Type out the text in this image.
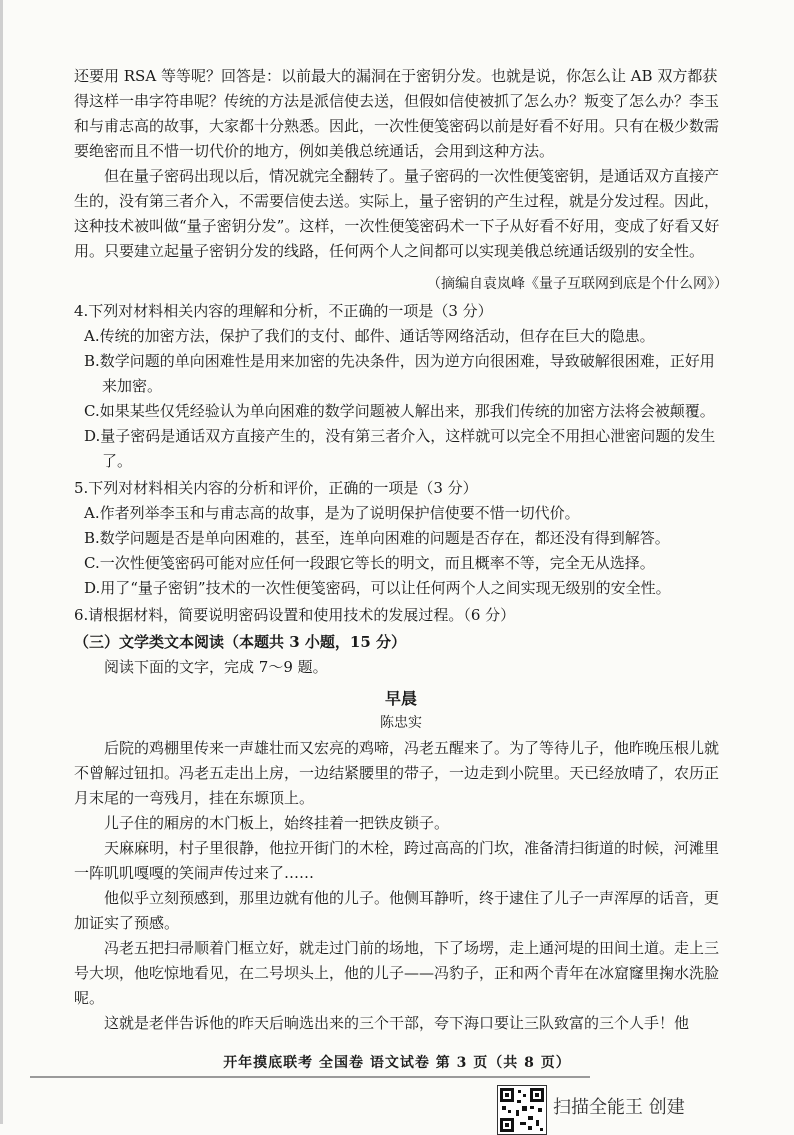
还要用 RSA 等等呢？回答是：以前最大的漏洞在于密钥分发。也就是说，你怎么让 AB 双方都获得这样一串字符串呢？传统的方法是派信使去送，但假如信使被抓了怎么办？叛变了怎么办？李玉和与甫志高的故事，大家都十分熟悉。因此，一次性便笺密码以前是好看不好用。只有在极少数需要绝密而且不惜一切代价的地方，例如美俄总统通话，会用到这种方法。

但在量子密码出现以后，情况就完全翻转了。量子密码的一次性便笺密钥，是通话双方直接产生的，没有第三者介入，不需要信使去送。实际上，量子密钥的产生过程，就是分发过程。因此，这种技术被叫做“量子密钥分发”。这样，一次性便笺密码术一下子从好看不好用，变成了好看又好用。只要建立起量子密钥分发的线路，任何两个人之间都可以实现美俄总统通话级别的安全性。

（摘编自袁岚峰《量子互联网到底是个什么网》）

4.下列对材料相关内容的理解和分析，不正确的一项是（3 分）

A.传统的加密方法，保护了我们的支付、邮件、通话等网络活动，但存在巨大的隐患。

B.数学问题的单向困难性是用来加密的先决条件，因为逆方向很困难，导致破解很困难，正好用来加密。

C.如果某些仅凭经验认为单向困难的数学问题被人解出来，那我们传统的加密方法将会被颠覆。

D.量子密码是通话双方直接产生的，没有第三者介入，这样就可以完全不用担心泄密问题的发生了。

5.下列对材料相关内容的分析和评价，正确的一项是（3 分）

A.作者列举李玉和与甫志高的故事，是为了说明保护信使要不惜一切代价。

B.数学问题是否是单向困难的，甚至，连单向困难的问题是否存在，都还没有得到解答。

C.一次性便笺密码可能对应任何一段跟它等长的明文，而且概率不等，完全无从选择。

D.用了“量子密钥”技术的一次性便笺密码，可以让任何两个人之间实现无级别的安全性。

6.请根据材料，简要说明密码设置和使用技术的发展过程。（6 分）

（三）文学类文本阅读（本题共 3 小题，15 分）

阅读下面的文字，完成 7～9 题。

早晨

陈忠实

后院的鸡棚里传来一声雄壮而又宏亮的鸡啼，冯老五醒来了。为了等待儿子，他昨晚压根儿就不曾解过钮扣。冯老五走出上房，一边结紧腰里的带子，一边走到小院里。天已经放晴了，农历正月末尾的一弯残月，挂在东塬顶上。

儿子住的厢房的木门板上，始终挂着一把铁皮锁子。

天麻麻明，村子里很静，他拉开街门的木栓，跨过高高的门坎，准备清扫街道的时候，河滩里一阵叽叽嘎嘎的笑闹声传过来了……

他似乎立刻预感到，那里边就有他的儿子。他侧耳静听，终于逮住了儿子一声浑厚的话音，更加证实了预感。

冯老五把扫帚顺着门框立好，就走过门前的场地，下了场塄，走上通河堤的田间土道。走上三号大坝，他吃惊地看见，在二号坝头上，他的儿子——冯豹子，正和两个青年在冰窟窿里掬水洗脸呢。

这就是老伴告诉他的昨天后晌选出来的三个干部，夸下海口要让三队致富的三个人手！他

开年摸底联考 全国卷 语文试卷 第 3 页（共 8 页）
扫描全能王 创建
